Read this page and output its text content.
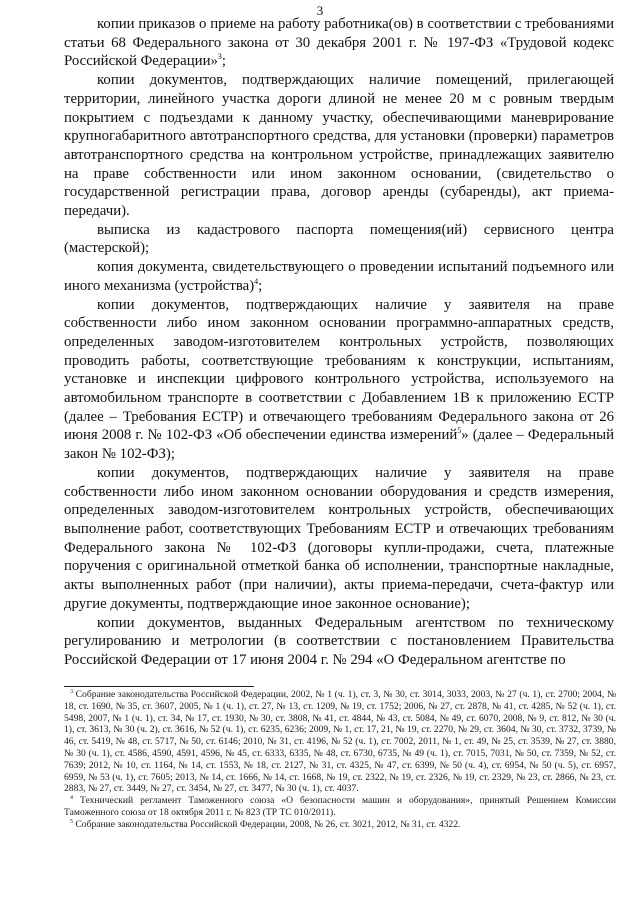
3

копии приказов о приеме на работу работника(ов) в соответствии с требованиями статьи 68 Федерального закона от 30 декабря 2001 г. № 197-ФЗ «Трудовой кодекс Российской Федерации»$^3$;

копии документов, подтверждающих наличие помещений, прилегающей территории, линейного участка дороги длиной не менее 20 м с ровным твердым покрытием с подъездами к данному участку, обеспечивающими маневрирование крупногабаритного автотранспортного средства, для установки (проверки) параметров автотранспортного средства на контрольном устройстве, принадлежащих заявителю на праве собственности или ином законном основании, (свидетельство о государственной регистрации права, договор аренды (субаренды), акт приема-передачи).

выписка из кадастрового паспорта помещения(ий) сервисного центра (мастерской);

копия документа, свидетельствующего о проведении испытаний подъемного или иного механизма (устройства)$^4$;

копии документов, подтверждающих наличие у заявителя на праве собственности либо ином законном основании программно-аппаратных средств, определенных заводом-изготовителем контрольных устройств, позволяющих проводить работы, соответствующие требованиям к конструкции, испытаниям, установке и инспекции цифрового контрольного устройства, используемого на автомобильном транспорте в соответствии с Добавлением 1В к приложению ЕСТР (далее – Требования ЕСТР) и отвечающего требованиям Федерального закона от 26 июня 2008 г. № 102-ФЗ «Об обеспечении единства измерений$^5$» (далее – Федеральный закон № 102-ФЗ);

копии документов, подтверждающих наличие у заявителя на праве собственности либо ином законном основании оборудования и средств измерения, определенных заводом-изготовителем контрольных устройств, обеспечивающих выполнение работ, соответствующих Требованиям ЕСТР и отвечающих требованиям Федерального закона № 102-ФЗ (договоры купли-продажи, счета, платежные поручения с оригинальной отметкой банка об исполнении, транспортные накладные, акты выполненных работ (при наличии), акты приема-передачи, счета-фактур или другие документы, подтверждающие иное законное основание);

копии документов, выданных Федеральным агентством по техническому регулированию и метрологии (в соответствии с постановлением Правительства Российской Федерации от 17 июня 2004 г. № 294 «О Федеральном агентстве по

$^3$ Собрание законодательства Российской Федерации, 2002, № 1 (ч. 1), ст. 3, № 30, ст. 3014, 3033, 2003, № 27 (ч. 1), ст. 2700; 2004, № 18, ст. 1690, № 35, ст. 3607, 2005, № 1 (ч. 1), ст. 27, № 13, ст. 1209, № 19, ст. 1752; 2006, № 27, ст. 2878, № 41, ст. 4285, № 52 (ч. 1), ст. 5498, 2007, № 1 (ч. 1), ст. 34, № 17, ст. 1930, № 30, ст. 3808, № 41, ст. 4844, № 43, ст. 5084, № 49, ст. 6070, 2008, № 9, ст. 812, № 30 (ч. 1), ст. 3613, № 30 (ч. 2), ст. 3616, № 52 (ч. 1), ст. 6235, 6236; 2009, № 1, ст. 17, 21, № 19, ст. 2270, № 29, ст. 3604, № 30, ст. 3732, 3739, № 46, ст. 5419, № 48, ст. 5717, № 50, ст. 6146; 2010, № 31, ст. 4196, № 52 (ч. 1), ст. 7002, 2011, № 1, ст. 49, № 25, ст. 3539, № 27, ст. 3880, № 30 (ч. 1), ст. 4586, 4590, 4591, 4596, № 45, ст. 6333, 6335, № 48, ст. 6730, 6735, № 49 (ч. 1), ст. 7015, 7031, № 50, ст. 7359, № 52, ст. 7639; 2012, № 10, ст. 1164, № 14, ст. 1553, № 18, ст. 2127, № 31, ст. 4325, № 47, ст. 6399, № 50 (ч. 4), ст. 6954, № 50 (ч. 5), ст. 6957, 6959, № 53 (ч. 1), ст. 7605; 2013, № 14, ст. 1666, № 14, ст. 1668, № 19, ст. 2322, № 19, ст. 2326, № 19, ст. 2329, № 23, ст. 2866, № 23, ст. 2883, № 27, ст. 3449, № 27, ст. 3454, № 27, ст. 3477, № 30 (ч. 1), ст. 4037.

$^4$ Технический регламент Таможенного союза «О безопасности машин и оборудования», принятый Решением Комиссии Таможенного союза от 18 октября 2011 г. № 823 (ТР ТС 010/2011).

$^5$ Собрание законодательства Российской Федерации, 2008, № 26, ст. 3021, 2012, № 31, ст. 4322.
